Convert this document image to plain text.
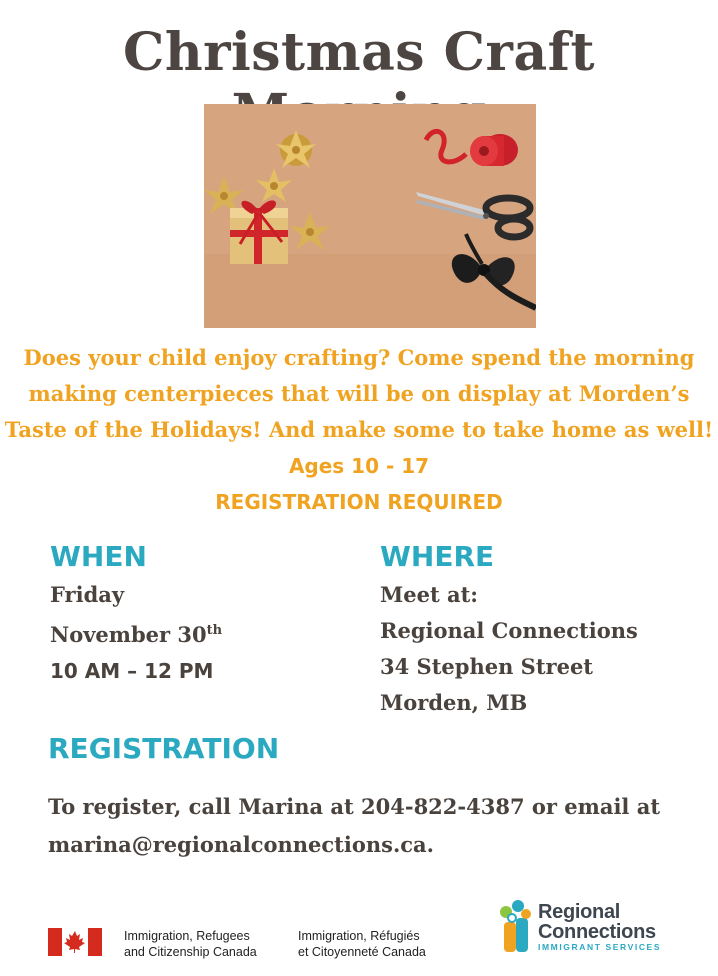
Christmas Craft

Does your child enjoy crafting? Come spend the morning

making centerpieces that will be on display at Morden’s

Taste of the Holidays! And make some to take home as well!

Ages 10 - 17

REGISTRATION REQUIRED

WHEN
Friday
November 30th
10 AM – 12 PM
WHERE
Meet at:
Regional Connections
34 Stephen Street
Morden, MB
REGISTRATION
To register, call Marina at 204-822-4387 or email at
marina@regionalconnections.ca.
Immigration, Refugees
and Citizenship Canada
Immigration, Réfugiés
et Citoyenneté Canada
Regional
Connections
IMMIGRANT SERVICES
